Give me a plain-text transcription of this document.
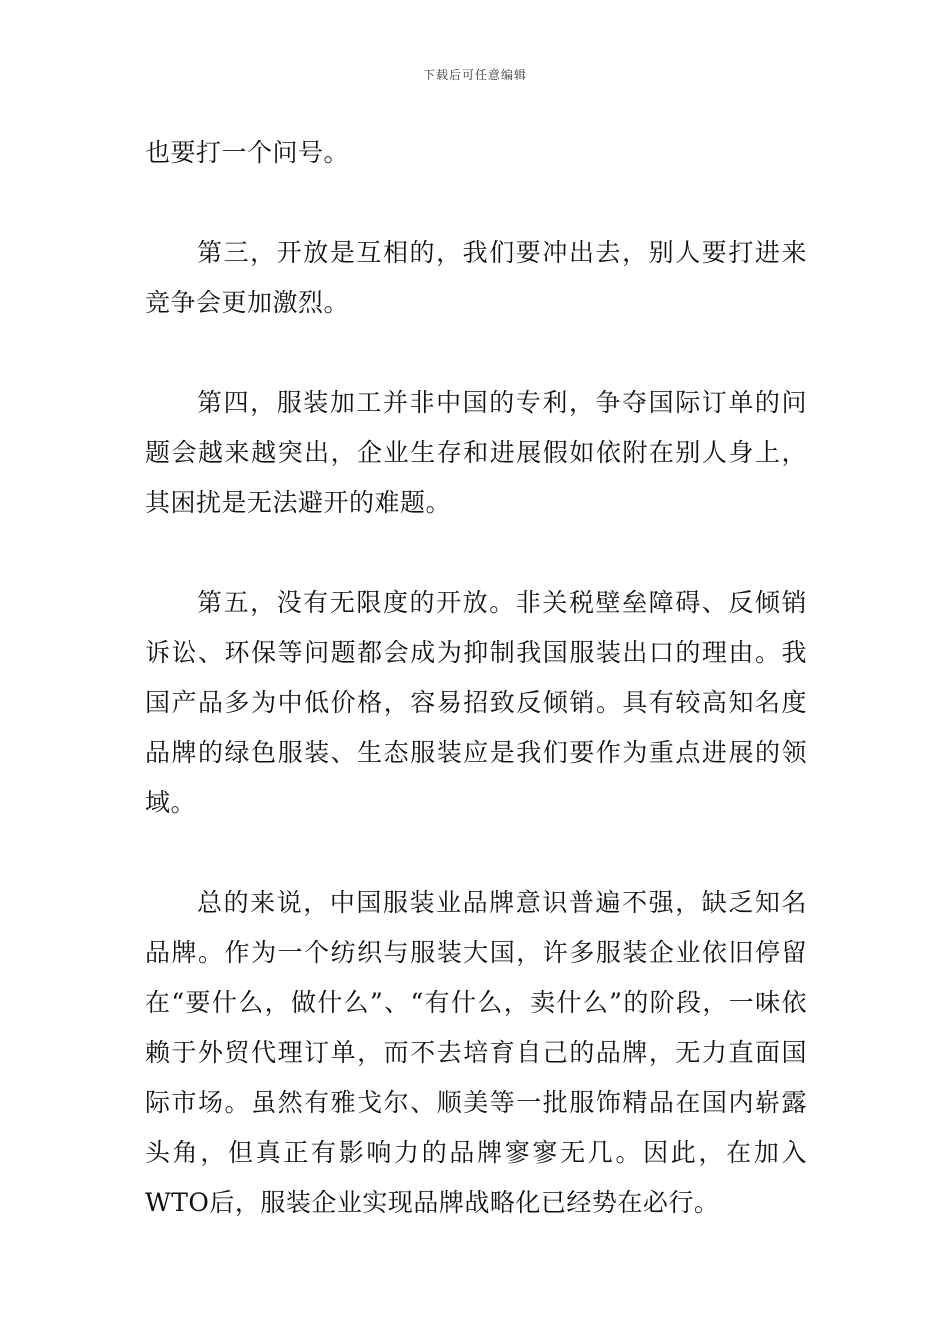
下载后可任意编辑

也要打一个问号。

第三，开放是互相的，我们要冲出去，别人要打进来竞争会更加激烈。

第四，服装加工并非中国的专利，争夺国际订单的问题会越来越突出，企业生存和进展假如依附在别人身上，其困扰是无法避开的难题。

第五，没有无限度的开放。非关税壁垒障碍、反倾销诉讼、环保等问题都会成为抑制我国服装出口的理由。我国产品多为中低价格，容易招致反倾销。具有较高知名度品牌的绿色服装、生态服装应是我们要作为重点进展的领域。

总的来说，中国服装业品牌意识普遍不强，缺乏知名品牌。作为一个纺织与服装大国，许多服装企业依旧停留在“要什么，做什么”、“有什么，卖什么”的阶段，一味依赖于外贸代理订单，而不去培育自己的品牌，无力直面国际市场。虽然有雅戈尔、顺美等一批服饰精品在国内崭露头角，但真正有影响力的品牌寥寥无几。因此，在加入WTO后，服装企业实现品牌战略化已经势在必行。
